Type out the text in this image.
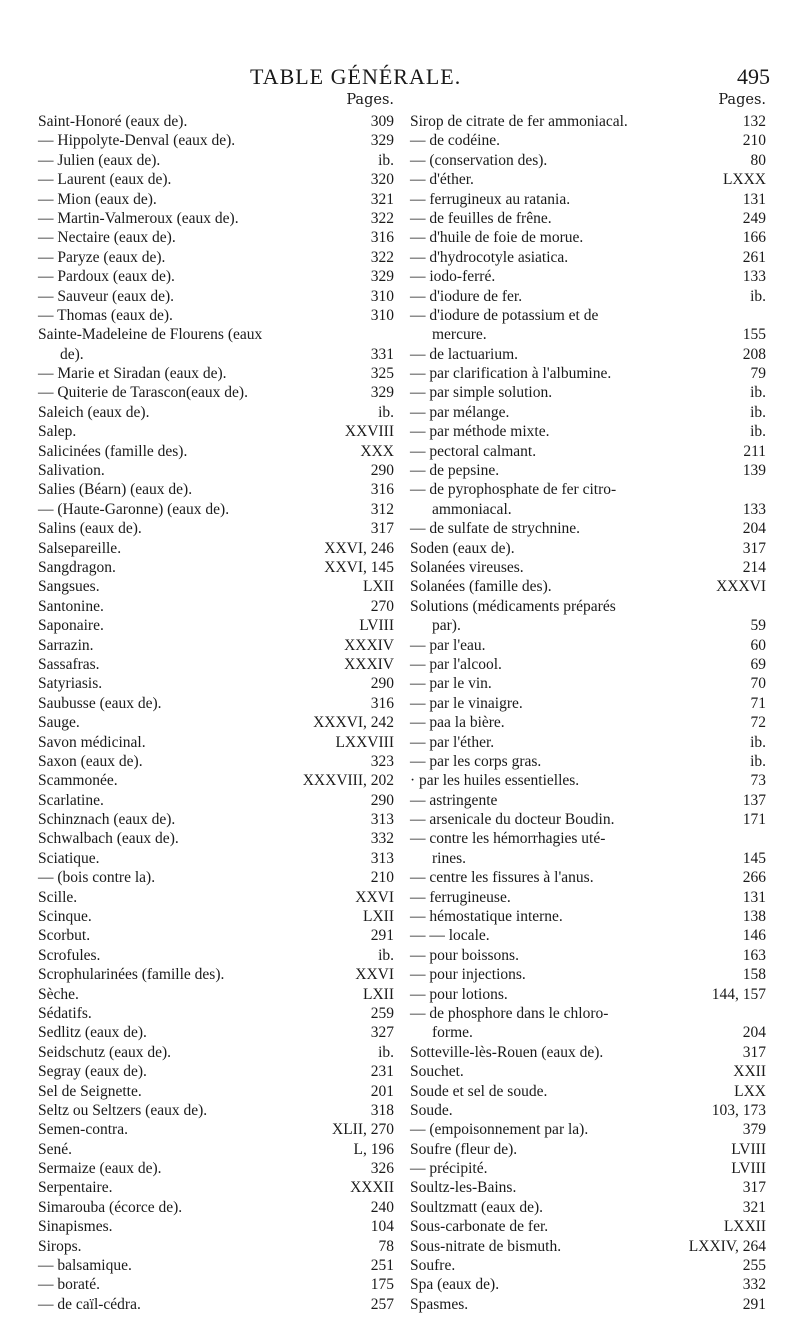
TABLE GÉNÉRALE.	495
Pages.
Saint-Honoré (eaux de).	309
— Hippolyte-Denval (eaux de).	329
— Julien (eaux de).	ib.
— Laurent (eaux de).	320
— Mion (eaux de).	321
— Martin-Valmeroux (eaux de).	322
— Nectaire (eaux de).	316
— Paryze (eaux de).	322
— Pardoux (eaux de).	329
— Sauveur (eaux de).	310
— Thomas (eaux de).	310
Sainte-Madeleine de Flourens (eaux
de).	331
— Marie et Siradan (eaux de).	325
— Quiterie de Tarascon(eaux de).	329
Saleich (eaux de).	ib.
Salep.	XXVIII
Salicinées (famille des).	XXX
Salivation.	290
Salies (Béarn) (eaux de).	316
— (Haute-Garonne) (eaux de).	312
Salins (eaux de).	317
Salsepareille.	XXVI, 246
Sangdragon.	XXVI, 145
Sangsues.	LXII
Santonine.	270
Saponaire.	LVIII
Sarrazin.	XXXIV
Sassafras.	XXXIV
Satyriasis.	290
Saubusse (eaux de).	316
Sauge.	XXXVI, 242
Savon médicinal.	LXXVIII
Saxon (eaux de).	323
Scammonée.	XXXVIII, 202
Scarlatine.	290
Schinznach (eaux de).	313
Schwalbach (eaux de).	332
Sciatique.	313
— (bois contre la).	210
Scille.	XXVI
Scinque.	LXII
Scorbut.	291
Scrofules.	ib.
Scrophularinées (famille des).	XXVI
Sèche.	LXII
Sédatifs.	259
Sedlitz (eaux de).	327
Seidschutz (eaux de).	ib.
Segray (eaux de).	231
Sel de Seignette.	201
Seltz ou Seltzers (eaux de).	318
Semen-contra.	XLII, 270
Sené.	L, 196
Sermaize (eaux de).	326
Serpentaire.	XXXII
Simarouba (écorce de).	240
Sinapismes.	104
Sirops.	78
— balsamique.	251
— boraté.	175
— de caïl-cédra.	257
Pages.
Sirop de citrate de fer ammoniacal.	132
— de codéine.	210
— (conservation des).	80
— d'éther.	LXXX
— ferrugineux au ratania.	131
— de feuilles de frêne.	249
— d'huile de foie de morue.	166
— d'hydrocotyle asiatica.	261
— iodo-ferré.	133
— d'iodure de fer.	ib.
— d'iodure de potassium et de
mercure.	155
— de lactuarium.	208
— par clarification à l'albumine.	79
— par simple solution.	ib.
— par mélange.	ib.
— par méthode mixte.	ib.
— pectoral calmant.	211
— de pepsine.	139
— de pyrophosphate de fer citro-
ammoniacal.	133
— de sulfate de strychnine.	204
Soden (eaux de).	317
Solanées vireuses.	214
Solanées (famille des).	XXXVI
Solutions (médicaments préparés
par).	59
— par l'eau.	60
— par l'alcool.	69
— par le vin.	70
— par le vinaigre.	71
— paa la bière.	72
— par l'éther.	ib.
— par les corps gras.	ib.
· par les huiles essentielles.	73
— astringente	137
— arsenicale du docteur Boudin.	171
— contre les hémorrhagies uté-
rines.	145
— centre les fissures à l'anus.	266
— ferrugineuse.	131
— hémostatique interne.	138
— — locale.	146
— pour boissons.	163
— pour injections.	158
— pour lotions.	144, 157
— de phosphore dans le chloro-
forme.	204
Sotteville-lès-Rouen (eaux de).	317
Souchet.	XXII
Soude et sel de soude.	LXX
Soude.	103, 173
— (empoisonnement par la).	379
Soufre (fleur de).	LVIII
— précipité.	LVIII
Soultz-les-Bains.	317
Soultzmatt (eaux de).	321
Sous-carbonate de fer.	LXXII
Sous-nitrate de bismuth.	LXXIV, 264
Soufre.	255
Spa (eaux de).	332
Spasmes.	291
